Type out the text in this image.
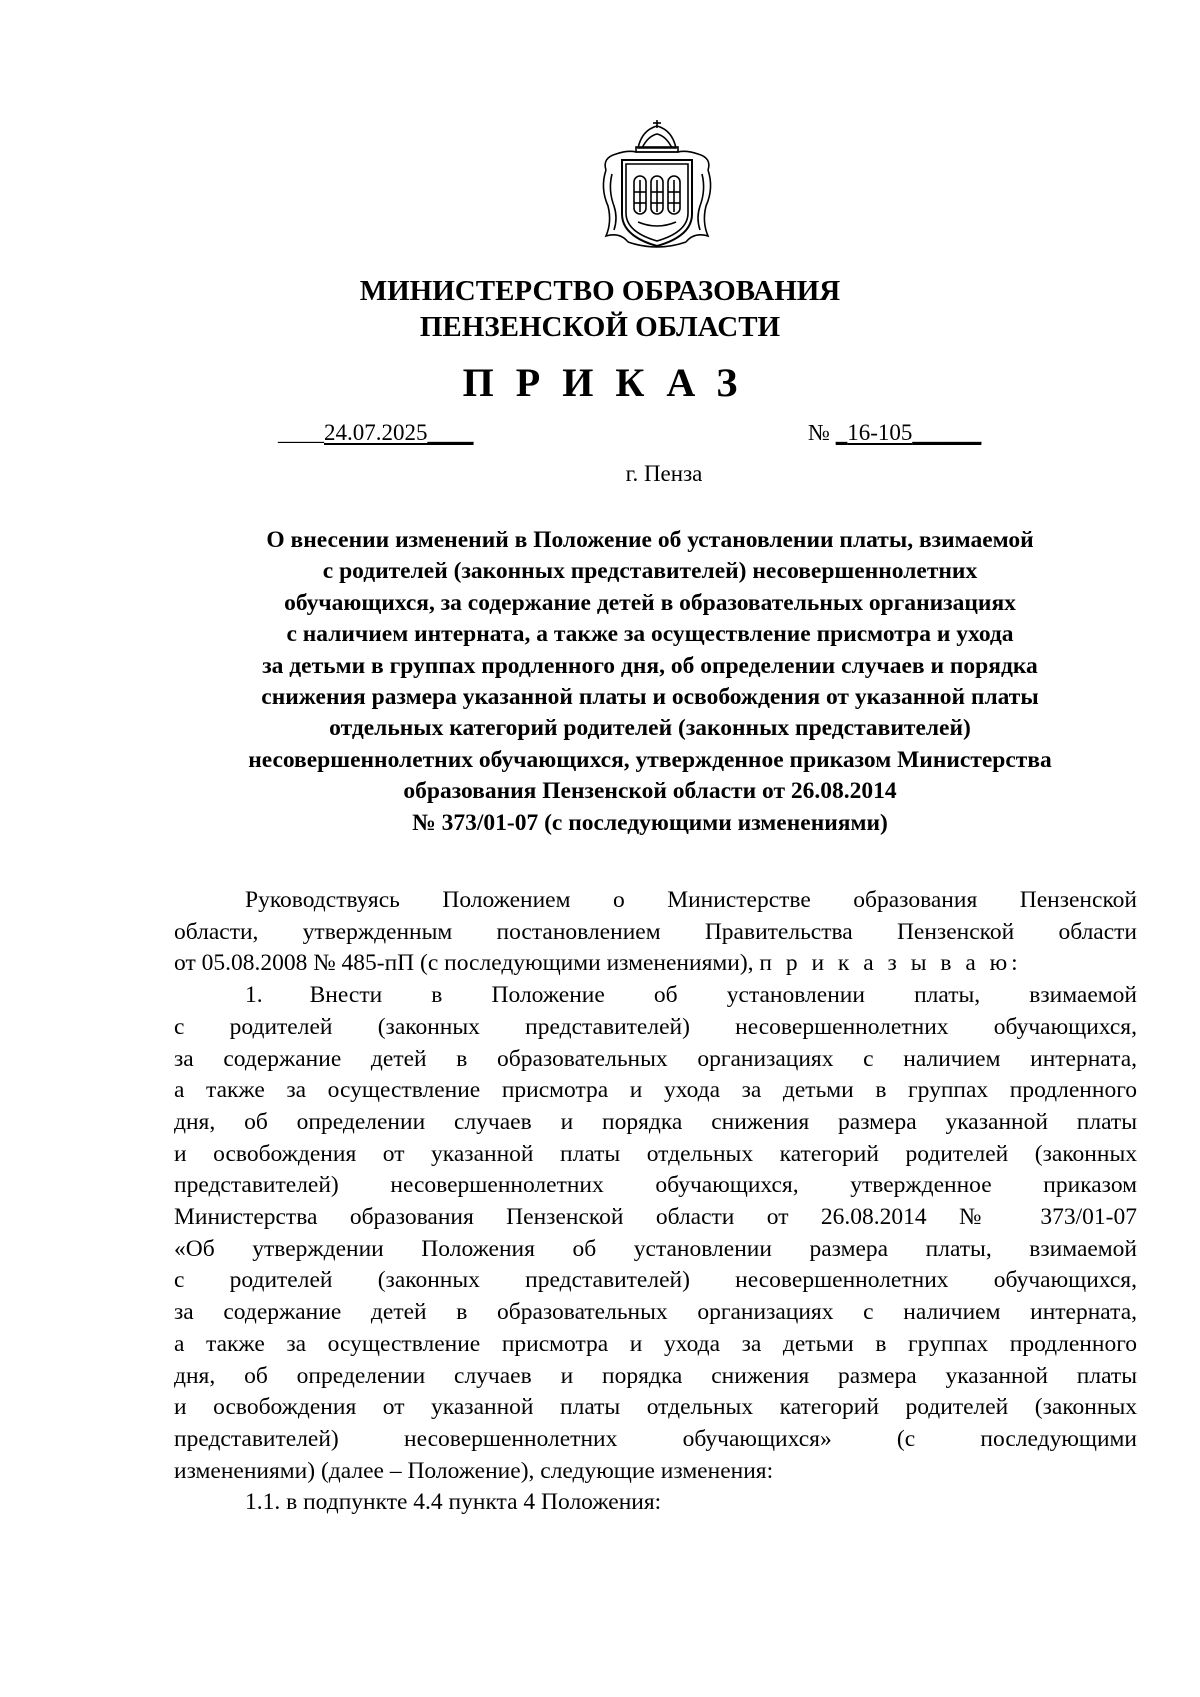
МИНИСТЕРСТВО ОБРАЗОВАНИЯ
ПЕНЗЕНСКОЙ ОБЛАСТИ
ПРИКАЗ
____24.07.2025____	№ _16-105______
г. Пенза
О внесении изменений в Положение об установлении платы, взимаемой
с родителей (законных представителей) несовершеннолетних
обучающихся, за содержание детей в образовательных организациях
с наличием интерната, а также за осуществление присмотра и ухода
за детьми в группах продленного дня, об определении случаев и порядка
снижения размера указанной платы и освобождения от указанной платы
отдельных категорий родителей (законных представителей)
несовершеннолетних обучающихся, утвержденное приказом Министерства
образования Пензенской области от 26.08.2014
№ 373/01-07 (с последующими изменениями)
Руководствуясь Положением о Министерстве образования Пензенской
области, утвержденным постановлением Правительства Пензенской области
от 05.08.2008 № 485-пП (с последующими изменениями), п р и к а з ы в а ю:
1. Внести в Положение об установлении платы, взимаемой
с родителей (законных представителей) несовершеннолетних обучающихся,
за содержание детей в образовательных организациях с наличием интерната,
а также за осуществление присмотра и ухода за детьми в группах продленного
дня, об определении случаев и порядка снижения размера указанной платы
и освобождения от указанной платы отдельных категорий родителей (законных
представителей) несовершеннолетних обучающихся, утвержденное приказом
Министерства образования Пензенской области от 26.08.2014 № 373/01-07
«Об утверждении Положения об установлении размера платы, взимаемой
с родителей (законных представителей) несовершеннолетних обучающихся,
за содержание детей в образовательных организациях с наличием интерната,
а также за осуществление присмотра и ухода за детьми в группах продленного
дня, об определении случаев и порядка снижения размера указанной платы
и освобождения от указанной платы отдельных категорий родителей (законных
представителей) несовершеннолетних обучающихся» (с последующими
изменениями) (далее – Положение), следующие изменения:
1.1. в подпункте 4.4 пункта 4 Положения:
